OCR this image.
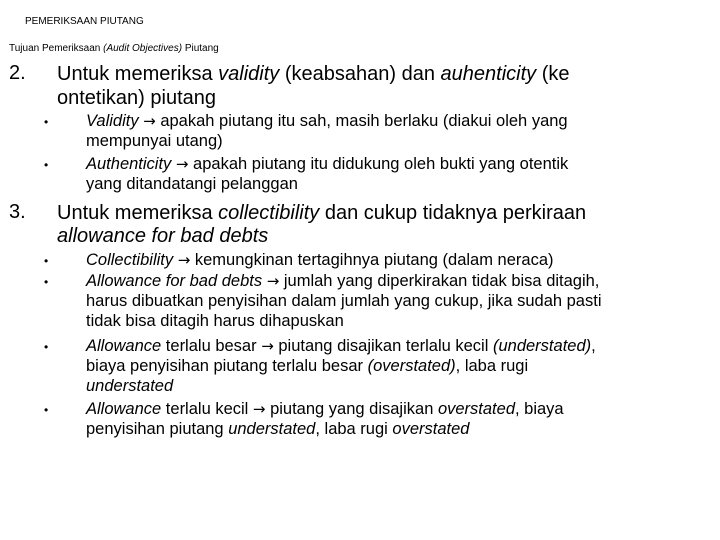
PEMERIKSAAN PIUTANG
Tujuan Pemeriksaan (Audit Objectives) Piutang
2. Untuk memeriksa validity (keabsahan) dan auhenticity (ke
ontetikan) piutang
• Validity → apakah piutang itu sah, masih berlaku (diakui oleh yang
mempunyai utang)
• Authenticity → apakah piutang itu didukung oleh bukti yang otentik
yang ditandatangi pelanggan
3. Untuk memeriksa collectibility dan cukup tidaknya perkiraan
allowance for bad debts
• Collectibility → kemungkinan tertagihnya piutang (dalam neraca)
• Allowance for bad debts → jumlah yang diperkirakan tidak bisa ditagih,
harus dibuatkan penyisihan dalam jumlah yang cukup, jika sudah pasti
tidak bisa ditagih harus dihapuskan
• Allowance terlalu besar → piutang disajikan terlalu kecil (understated),
biaya penyisihan piutang terlalu besar (overstated), laba rugi
understated
• Allowance terlalu kecil → piutang yang disajikan overstated, biaya
penyisihan piutang understated, laba rugi overstated
